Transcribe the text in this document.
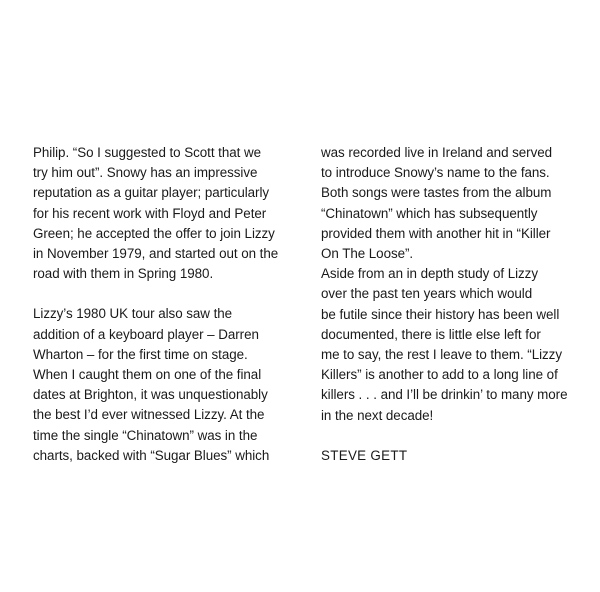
Philip. “So I suggested to Scott that we
try him out”. Snowy has an impressive
reputation as a guitar player; particularly
for his recent work with Floyd and Peter
Green; he accepted the offer to join Lizzy
in November 1979, and started out on the
road with them in Spring 1980.

Lizzy’s 1980 UK tour also saw the
addition of a keyboard player – Darren
Wharton – for the first time on stage.
When I caught them on one of the final
dates at Brighton, it was unquestionably
the best I’d ever witnessed Lizzy. At the
time the single “Chinatown” was in the
charts, backed with “Sugar Blues” which

was recorded live in Ireland and served
to introduce Snowy’s name to the fans.
Both songs were tastes from the album
“Chinatown” which has subsequently
provided them with another hit in “Killer
On The Loose”.

Aside from an in depth study of Lizzy
over the past ten years which would
be futile since their history has been well
documented, there is little else left for
me to say, the rest I leave to them. “Lizzy
Killers” is another to add to a long line of
killers . . . and I’ll be drinkin’ to many more
in the next decade!

STEVE GETT
